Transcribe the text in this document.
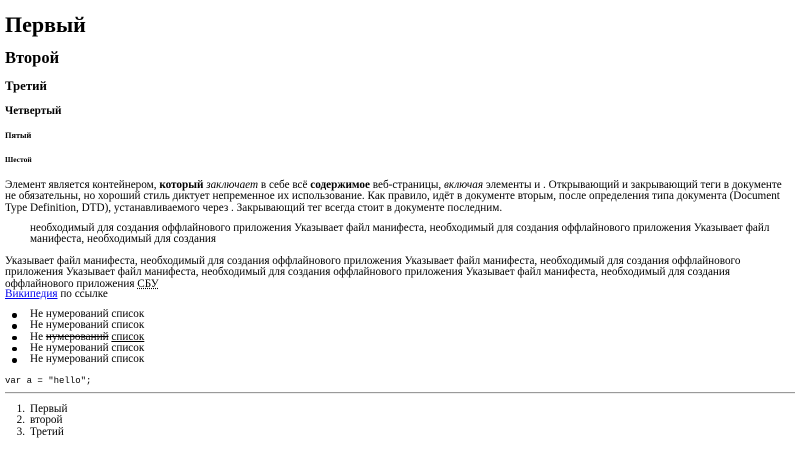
Первый
Второй
Третий
Четвертый
Пятый
Шестой

Элемент является контейнером, который заключает в себе всё содержимое веб-страницы, включая элементы и . Открывающий и закрывающий теги в документе не обязательны, но хороший стиль диктует непременное их использование. Как правило, идёт в документе вторым, после определения типа документа (Document Type Definition, DTD), устанавливаемого через . Закрывающий тег всегда стоит в документе последним.

необходимый для создания оффлайнового приложения Указывает файл манифеста, необходимый для создания оффлайнового приложения Указывает файл манифеста, необходимый для создания

Указывает файл манифеста, необходимый для создания оффлайнового приложения Указывает файл манифеста, необходимый для создания оффлайнового приложения Указывает файл манифеста, необходимый для создания оффлайнового приложения Указывает файл манифеста, необходимый для создания оффлайнового приложения СБУ

Википедия по ссылке

Не нумерований список
Не нумерований список
Не нумерований список
Не нумерований список
Не нумерований список
var a = "hello";
1. Первый
2. второй
3. Третий
